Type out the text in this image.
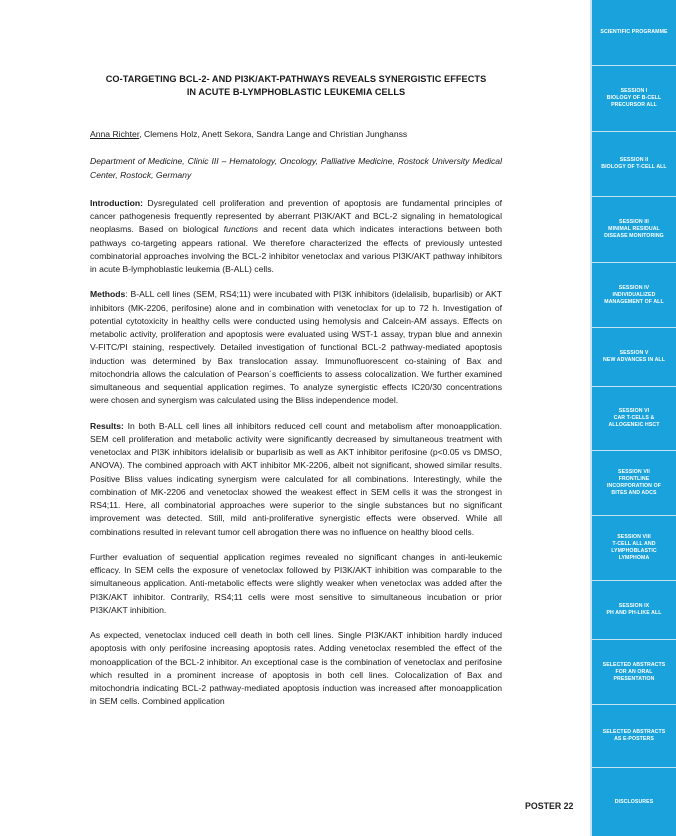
CO-TARGETING BCL-2- AND PI3K/AKT-PATHWAYS REVEALS SYNERGISTIC EFFECTS
IN ACUTE B-LYMPHOBLASTIC LEUKEMIA CELLS

Anna Richter, Clemens Holz, Anett Sekora, Sandra Lange and Christian Junghanss

Department of Medicine, Clinic III – Hematology, Oncology, Palliative Medicine, Rostock University Medical Center, Rostock, Germany

Introduction: Dysregulated cell proliferation and prevention of apoptosis are fundamental principles of cancer pathogenesis frequently represented by aberrant PI3K/AKT and BCL-2 signaling in hematological neoplasms. Based on biological functions and recent data which indicates interactions between both pathways co-targeting appears rational. We therefore characterized the effects of previously untested combinatorial approaches involving the BCL-2 inhibitor venetoclax and various PI3K/AKT pathway inhibitors in acute B-lymphoblastic leukemia (B-ALL) cells.

Methods: B-ALL cell lines (SEM, RS4;11) were incubated with PI3K inhibitors (idelalisib, buparlisib) or AKT inhibitors (MK-2206, perifosine) alone and in combination with venetoclax for up to 72 h. Investigation of potential cytotoxicity in healthy cells were conducted using hemolysis and Calcein-AM assays. Effects on metabolic activity, proliferation and apoptosis were evaluated using WST-1 assay, trypan blue and annexin V-FITC/PI staining, respectively. Detailed investigation of functional BCL-2 pathway-mediated apoptosis induction was determined by Bax translocation assay. Immunofluorescent co-staining of Bax and mitochondria allows the calculation of Pearson´s coefficients to assess colocalization. We further examined simultaneous and sequential application regimes. To analyze synergistic effects IC20/30 concentrations were chosen and synergism was calculated using the Bliss independence model.

Results: In both B-ALL cell lines all inhibitors reduced cell count and metabolism after monoapplication. SEM cell proliferation and metabolic activity were significantly decreased by simultaneous treatment with venetoclax and PI3K inhibitors idelalisib or buparlisib as well as AKT inhibitor perifosine (p<0.05 vs DMSO, ANOVA). The combined approach with AKT inhibitor MK-2206, albeit not significant, showed similar results. Positive Bliss values indicating synergism were calculated for all combinations. Interestingly, while the combination of MK-2206 and venetoclax showed the weakest effect in SEM cells it was the strongest in RS4;11. Here, all combinatorial approaches were superior to the single substances but no significant improvement was detected. Still, mild anti-proliferative synergistic effects were observed. While all combinations resulted in relevant tumor cell abrogation there was no influence on healthy blood cells.

Further evaluation of sequential application regimes revealed no significant changes in anti-leukemic efficacy. In SEM cells the exposure of venetoclax followed by PI3K/AKT inhibition was comparable to the simultaneous application. Anti-metabolic effects were slightly weaker when venetoclax was added after the PI3K/AKT inhibitor. Contrarily, RS4;11 cells were most sensitive to simultaneous incubation or prior PI3K/AKT inhibition.

As expected, venetoclax induced cell death in both cell lines. Single PI3K/AKT inhibition hardly induced apoptosis with only perifosine increasing apoptosis rates. Adding venetoclax resembled the effect of the monoapplication of the BCL-2 inhibitor. An exceptional case is the combination of venetoclax and perifosine which resulted in a prominent increase of apoptosis in both cell lines. Colocalization of Bax and mitochondria indicating BCL-2 pathway-mediated apoptosis induction was increased after monoapplication in SEM cells. Combined application

POSTER 22
SCIENTIFIC PROGRAMME
SESSION I
BIOLOGY OF B-CELL
PRECURSOR ALL
SESSION II
BIOLOGY OF T-CELL ALL
SESSION III
MINIMAL RESIDUAL
DISEASE MONITORING
SESSION IV
INDIVIDUALIZED
MANAGEMENT OF ALL
SESSION V
NEW ADVANCES IN ALL
SESSION VI
CAR T-CELLS &
ALLOGENEIC HSCT
SESSION VII
FRONTLINE
INCORPORATION OF
BITES AND ADCS
SESSION VIII
T-CELL ALL AND
LYMPHOBLASTIC
LYMPHOMA
SESSION IX
PH AND PH-LIKE ALL
SELECTED ABSTRACTS
FOR AN ORAL
PRESENTATION
SELECTED ABSTRACTS
AS E-POSTERS
DISCLOSURES
